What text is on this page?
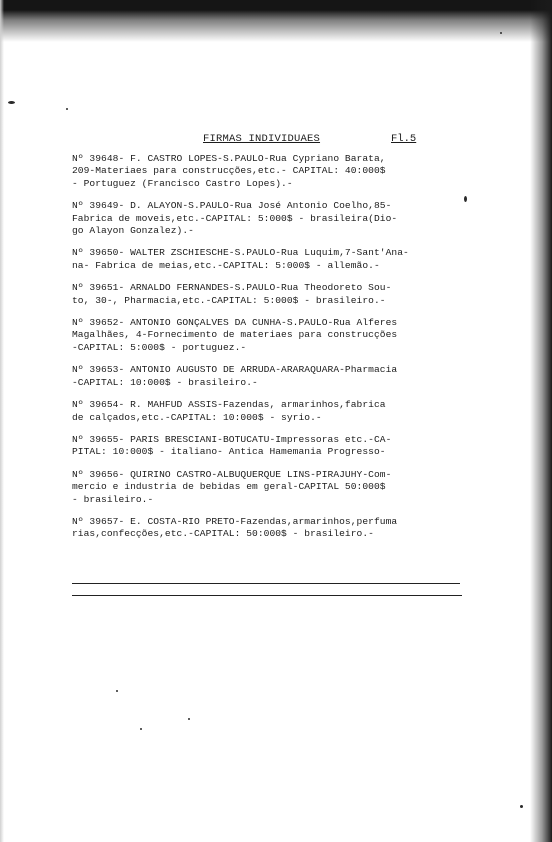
FIRMAS INDIVIDUAES	Fl.5
Nº 39648- F. CASTRO LOPES-S.PAULO-Rua Cypriano Barata,
209-Materiaes para construcções,etc.- CAPITAL: 40:000$
- Portuguez (Francisco Castro Lopes).-
Nº 39649- D. ALAYON-S.PAULO-Rua José Antonio Coelho,85-
Fabrica de moveis,etc.-CAPITAL: 5:000$ - brasileira(Dio-
go Alayon Gonzalez).-
Nº 39650- WALTER ZSCHIESCHE-S.PAULO-Rua Luquim,7-Sant'Ana-
na- Fabrica de meias,etc.-CAPITAL: 5:000$ - allemão.-
Nº 39651- ARNALDO FERNANDES-S.PAULO-Rua Theodoreto Sou-
to, 30-, Pharmacia,etc.-CAPITAL: 5:000$ - brasileiro.-
Nº 39652- ANTONIO GONÇALVES DA CUNHA-S.PAULO-Rua Alferes
Magalhães, 4-Fornecimento de materiaes para construcções
-CAPITAL: 5:000$ - portuguez.-
Nº 39653- ANTONIO AUGUSTO DE ARRUDA-ARARAQUARA-Pharmacia
-CAPITAL: 10:000$ - brasileiro.-
Nº 39654- R. MAHFUD ASSIS-Fazendas, armarinhos,fabrica
de calçados,etc.-CAPITAL: 10:000$ - syrio.-
Nº 39655- PARIS BRESCIANI-BOTUCATU-Impressoras etc.-CA-
PITAL: 10:000$ - italiano- Antica Hamemania Progresso-
Nº 39656- QUIRINO CASTRO-ALBUQUERQUE LINS-PIRAJUHY-Com-
mercio e industria de bebidas em geral-CAPITAL 50:000$
- brasileiro.-
Nº 39657- E. COSTA-RIO PRETO-Fazendas,armarinhos,perfuma
rias,confecções,etc.-CAPITAL: 50:000$ - brasileiro.-
